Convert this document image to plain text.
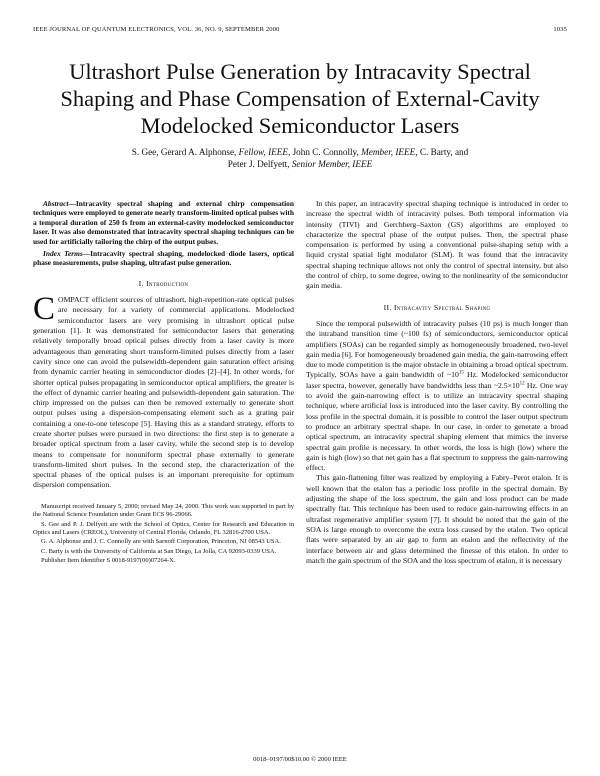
IEEE JOURNAL OF QUANTUM ELECTRONICS, VOL. 36, NO. 9, SEPTEMBER 2000	1035
Ultrashort Pulse Generation by Intracavity Spectral
Shaping and Phase Compensation of External-Cavity
Modelocked Semiconductor Lasers
S. Gee, Gerard A. Alphonse, Fellow, IEEE, John C. Connolly, Member, IEEE, C. Barty, and
Peter J. Delfyett, Senior Member, IEEE

Abstract—Intracavity spectral shaping and external chirp compensation techniques were employed to generate nearly transform-limited optical pulses with a temporal duration of 250 fs from an external-cavity modelocked semiconductor laser. It was also demonstrated that intracavity spectral shaping techniques can be used for artificially tailoring the chirp of the output pulses.

Index Terms—Intracavity spectral shaping, modelocked diode lasers, optical phase measurements, pulse shaping, ultrafast pulse generation.

I. Introduction

COMPACT efficient sources of ultrashort, high-repetition-rate optical pulses are necessary for a variety of commercial applications. Modelocked semiconductor lasers are very promising in ultrashort optical pulse generation [1]. It was demonstrated for semiconductor lasers that generating relatively temporally broad optical pulses directly from a laser cavity is more advantageous than generating short transform-limited pulses directly from a laser cavity since one can avoid the pulsewidth-dependent gain saturation effect arising from dynamic carrier heating in semiconductor diodes [2]–[4]. In other words, for shorter optical pulses propagating in semiconductor optical amplifiers, the greater is the effect of dynamic carrier heating and pulsewidth-dependent gain saturation. The chirp impressed on the pulses can then be removed externally to generate short output pulses using a dispersion-compensating element such as a grating pair containing a one-to-one telescope [5]. Having this as a standard strategy, efforts to create shorter pulses were pursued in two directions: the first step is to generate a broader optical spectrum from a laser cavity, while the second step is to develop means to compensate for nonuniform spectral phase externally to generate transform-limited short pulses. In the second step, the characterization of the spectral phases of the optical pulses is an important prerequisite for optimum dispersion compensation.

Manuscript received January 5, 2000; revised May 24, 2000. This work was supported in part by the National Science Foundation under Grant ECS 96-29066.

S. Gee and P. J. Delfyett are with the School of Optics, Center for Research and Education in Optics and Lasers (CREOL), University of Central Florida, Orlando, FL 32816-2700 USA.

G. A. Alphonse and J. C. Connolly are with Sarnoff Corporation, Princeton, NJ 08543 USA.

C. Barty is with the University of California at San Diego, La Jolla, CA 92093-0339 USA.

Publisher Item Identifier S 0018-9197(00)07264-X.

In this paper, an intracavity spectral shaping technique is introduced in order to increase the spectral width of intracavity pulses. Both temporal information via intensity (TIVI) and Gerchberg–Saxton (GS) algorithms are employed to characterize the spectral phase of the output pulses. Then, the spectral phase compensation is performed by using a conventional pulse-shaping setup with a liquid crystal spatial light modulator (SLM). It was found that the intracavity spectral shaping technique allows not only the control of spectral intensity, but also the control of chirp, to some degree, owing to the nonlinearity of the semiconductor gain media.

II. Intracavity Spectral Shaping

Since the temporal pulsewidth of intracavity pulses (10 ps) is much longer than the intraband transition time (~100 fs) of semiconductors, semiconductor optical amplifiers (SOAs) can be regarded simply as homogeneously broadened, two-level gain media [6]. For homogeneously broadened gain media, the gain-narrowing effect due to mode competition is the major obstacle in obtaining a broad optical spectrum. Typically, SOAs have a gain bandwidth of $\sim 10^{15}$ Hz. Modelocked semiconductor laser spectra, however, generally have bandwidths less than $\sim 2.5\times 10^{12}$ Hz. One way to avoid the gain-narrowing effect is to utilize an intracavity spectral shaping technique, where artificial loss is introduced into the laser cavity. By controlling the loss profile in the spectral domain, it is possible to control the laser output spectrum to produce an arbitrary spectral shape. In our case, in order to generate a broad optical spectrum, an intracavity spectral shaping element that mimics the inverse spectral gain profile is necessary. In other words, the loss is high (low) where the gain is high (low) so that net gain has a flat spectrum to suppress the gain-narrowing effect.

This gain-flattening filter was realized by employing a Fabry–Perot etalon. It is well known that the etalon has a periodic loss profile in the spectral domain. By adjusting the shape of the loss spectrum, the gain and loss product can be made spectrally flat. This technique has been used to reduce gain-narrowing effects in an ultrafast regenerative amplifier system [7]. It should be noted that the gain of the SOA is large enough to overcome the extra loss caused by the etalon. Two optical flats were separated by an air gap to form an etalon and the reflectivity of the interface between air and glass determined the finesse of this etalon. In order to match the gain spectrum of the SOA and the loss spectrum of etalon, it is necessary

0018–9197/00$10.00 © 2000 IEEE
